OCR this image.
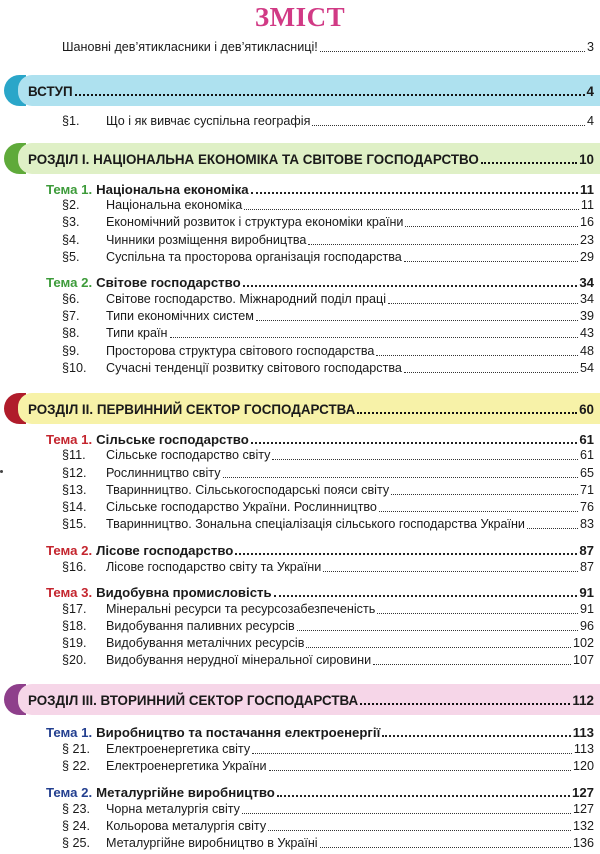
ЗМІСТ
Шановні дев’ятикласники і дев’ятикласниці!	3
ВСТУП	4
§1.	Що і як вивчає суспільна географія	4
РОЗДІЛ І. НАЦІОНАЛЬНА ЕКОНОМІКА ТА СВІТОВЕ ГОСПОДАРСТВО	10
Тема 1. Національна економіка	11
§2.	Національна економіка	11
§3.	Економічний розвиток і структура економіки країни	16
§4.	Чинники розміщення виробництва	23
§5.	Суспільна та просторова організація господарства	29
Тема 2. Світове господарство	34
§6.	Світове господарство. Міжнародний поділ праці	34
§7.	Типи економічних систем	39
§8.	Типи країн	43
§9.	Просторова структура світового господарства	48
§10.	Сучасні тенденції розвитку світового господарства	54
РОЗДІЛ ІІ. ПЕРВИННИЙ СЕКТОР ГОСПОДАРСТВА	60
Тема 1. Сільське господарство	61
§11.	Сільське господарство світу	61
§12.	Рослинництво світу	65
§13.	Тваринництво. Сільськогосподарські пояси світу	71
§14.	Сільське господарство України. Рослинництво	76
§15.	Тваринництво. Зональна спеціалізація сільського господарства України	83
Тема 2. Лісове господарство	87
§16.	Лісове господарство світу та України	87
Тема 3. Видобувна промисловість	91
§17.	Мінеральні ресурси та ресурсозабезпеченість	91
§18.	Видобування паливних ресурсів	96
§19.	Видобування металічних ресурсів	102
§20.	Видобування нерудної мінеральної сировини	107
РОЗДІЛ ІІІ. ВТОРИННИЙ СЕКТОР ГОСПОДАРСТВА	112
Тема 1. Виробництво та постачання електроенергії	113
§ 21.	Електроенергетика світу	113
§ 22.	Електроенергетика України	120
Тема 2. Металургійне виробництво	127
§ 23.	Чорна металургія світу	127
§ 24.	Кольорова металургія світу	132
§ 25.	Металургійне виробництво в Україні	136
